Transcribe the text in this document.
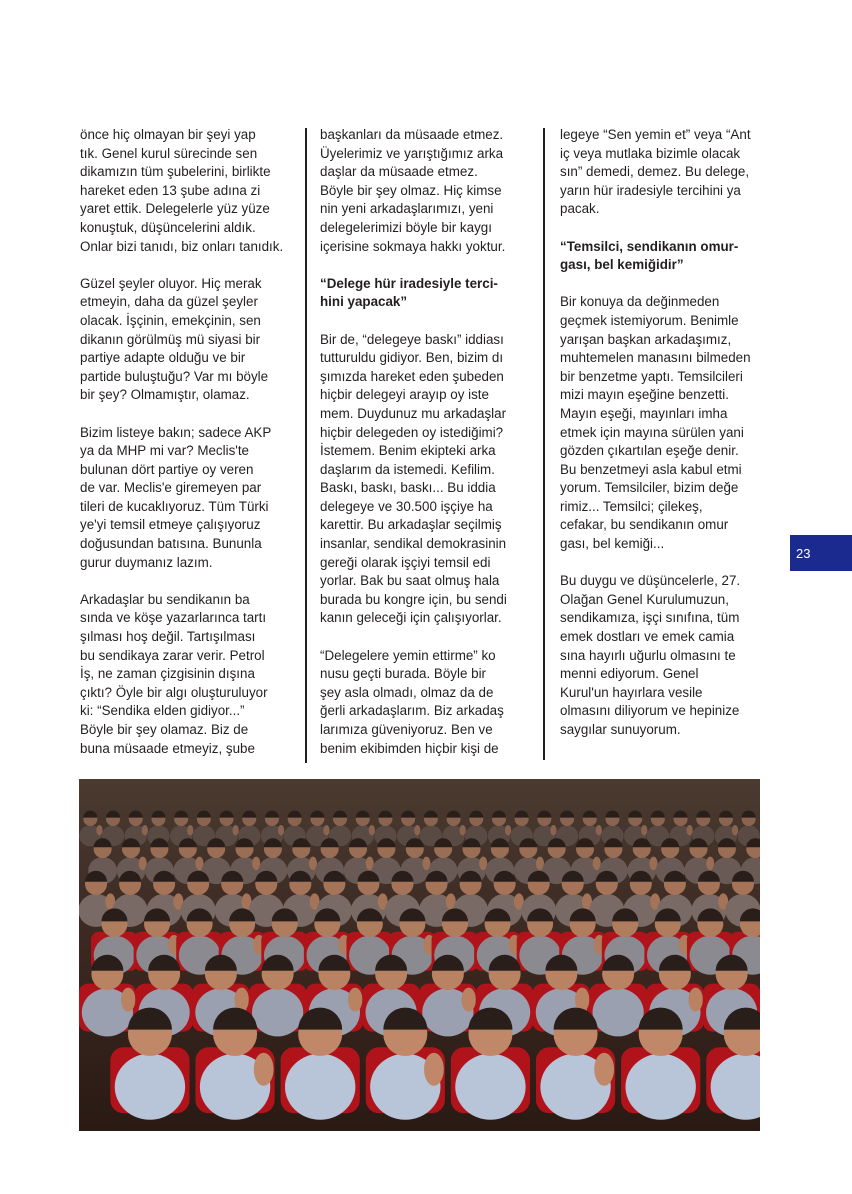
önce hiç olmayan bir şeyi yap
tık. Genel kurul sürecinde sen
dikamızın tüm şubelerini, birlikte
hareket eden 13 şube adına zi
yaret ettik. Delegelerle yüz yüze
konuştuk, düşüncelerini aldık.
Onlar bizi tanıdı, biz onları tanıdık.

Güzel şeyler oluyor. Hiç merak
etmeyin, daha da güzel şeyler
olacak. İşçinin, emekçinin, sen
dikanın görülmüş mü siyasi bir
partiye adapte olduğu ve bir
partide buluştuğu? Var mı böyle
bir şey? Olmamıştır, olamaz.

Bizim listeye bakın; sadece AKP
ya da MHP mi var? Meclis'te
bulunan dört partiye oy veren
de var. Meclis'e giremeyen par
tileri de kucaklıyoruz. Tüm Türki
ye'yi temsil etmeye çalışıyoruz
doğusundan batısına. Bununla
gurur duymanız lazım.

Arkadaşlar bu sendikanın ba
sında ve köşe yazarlarınca tartı
şılması hoş değil. Tartışılması
bu sendikaya zarar verir. Petrol
İş, ne zaman çizgisinin dışına
çıktı? Öyle bir algı oluşturuluyor
ki: “Sendika elden gidiyor...”
Böyle bir şey olamaz. Biz de
buna müsaade etmeyiz, şube

başkanları da müsaade etmez.
Üyelerimiz ve yarıştığımız arka
daşlar da müsaade etmez.
Böyle bir şey olmaz. Hiç kimse
nin yeni arkadaşlarımızı, yeni
delegelerimizi böyle bir kaygı
içerisine sokmaya hakkı yoktur.

“Delege hür iradesiyle terci-
hini yapacak”

Bir de, “delegeye baskı” iddiası
tutturuldu gidiyor. Ben, bizim dı
şımızda hareket eden şubeden
hiçbir delegeyi arayıp oy iste
mem. Duydunuz mu arkadaşlar
hiçbir delegeden oy istediğimi?
İstemem. Benim ekipteki arka
daşlarım da istemedi. Kefilim.
Baskı, baskı, baskı... Bu iddia
delegeye ve 30.500 işçiye ha
karettir. Bu arkadaşlar seçilmiş
insanlar, sendikal demokrasinin
gereği olarak işçiyi temsil edi
yorlar. Bak bu saat olmuş hala
burada bu kongre için, bu sendi
kanın geleceği için çalışıyorlar.

“Delegelere yemin ettirme” ko
nusu geçti burada. Böyle bir
şey asla olmadı, olmaz da de
ğerli arkadaşlarım. Biz arkadaş
larımıza güveniyoruz. Ben ve
benim ekibimden hiçbir kişi de

legeye “Sen yemin et” veya “Ant
iç veya mutlaka bizimle olacak
sın” demedi, demez. Bu delege,
yarın hür iradesiyle tercihini ya
pacak.

“Temsilci, sendikanın omur-
gası, bel kemiğidir”

Bir konuya da değinmeden
geçmek istemiyorum. Benimle
yarışan başkan arkadaşımız,
muhtemelen manasını bilmeden
bir benzetme yaptı. Temsilcileri
mizi mayın eşeğine benzetti.
Mayın eşeği, mayınları imha
etmek için mayına sürülen yani
gözden çıkartılan eşeğe denir.
Bu benzetmeyi asla kabul etmi
yorum. Temsilciler, bizim değe
rimiz... Temsilci; çilekeş,
cefakar, bu sendikanın omur
gası, bel kemiği...

Bu duygu ve düşüncelerle, 27.
Olağan Genel Kurulumuzun,
sendikamıza, işçi sınıfına, tüm
emek dostları ve emek camia
sına hayırlı uğurlu olmasını te
menni ediyorum. Genel
Kurul'un hayırlara vesile
olmasını diliyorum ve hepinize
saygılar sunuyorum.

23
